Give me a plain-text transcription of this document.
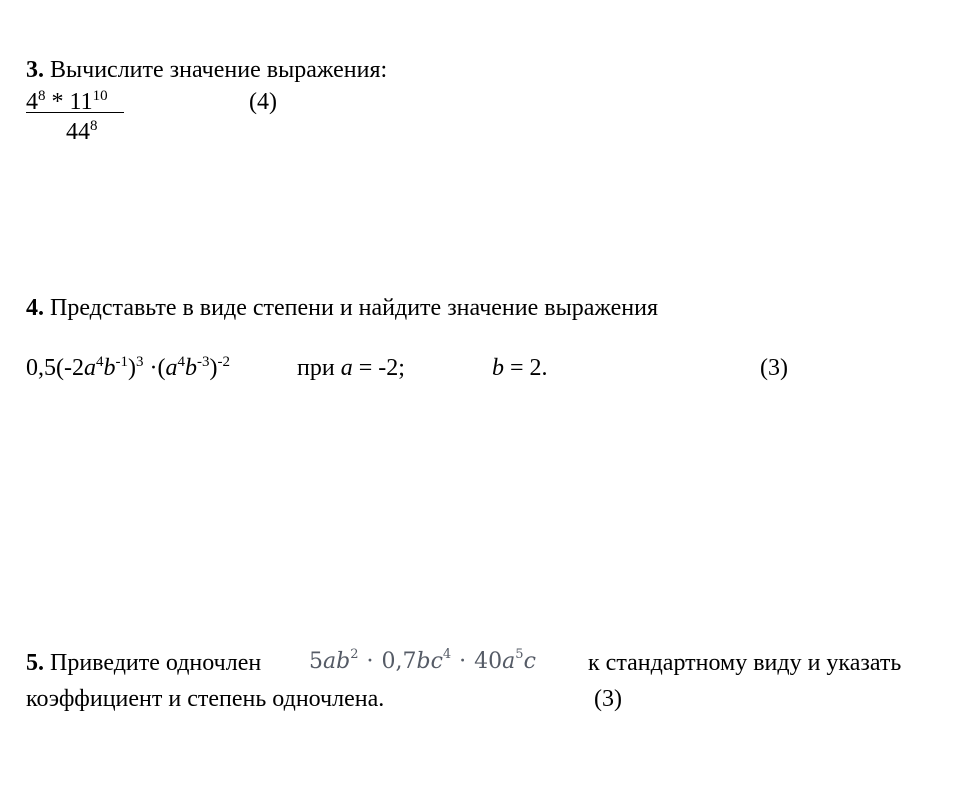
3. Вычислите значение выражения:
$4^8 * 11^{10}$
$44^8$
(4)
4. Представьте в виде степени и найдите значение выражения
$0,5(-2a^4b^{-1})^3 \cdot(a^4b^{-3})^{-2}$	при a = -2;	b = 2.	(3)
5. Приведите одночлен $5ab^2 \cdot 0,7bc^4 \cdot 40a^5c$ к стандартному виду и указать
коэффициент и степень одночлена.	(3)
